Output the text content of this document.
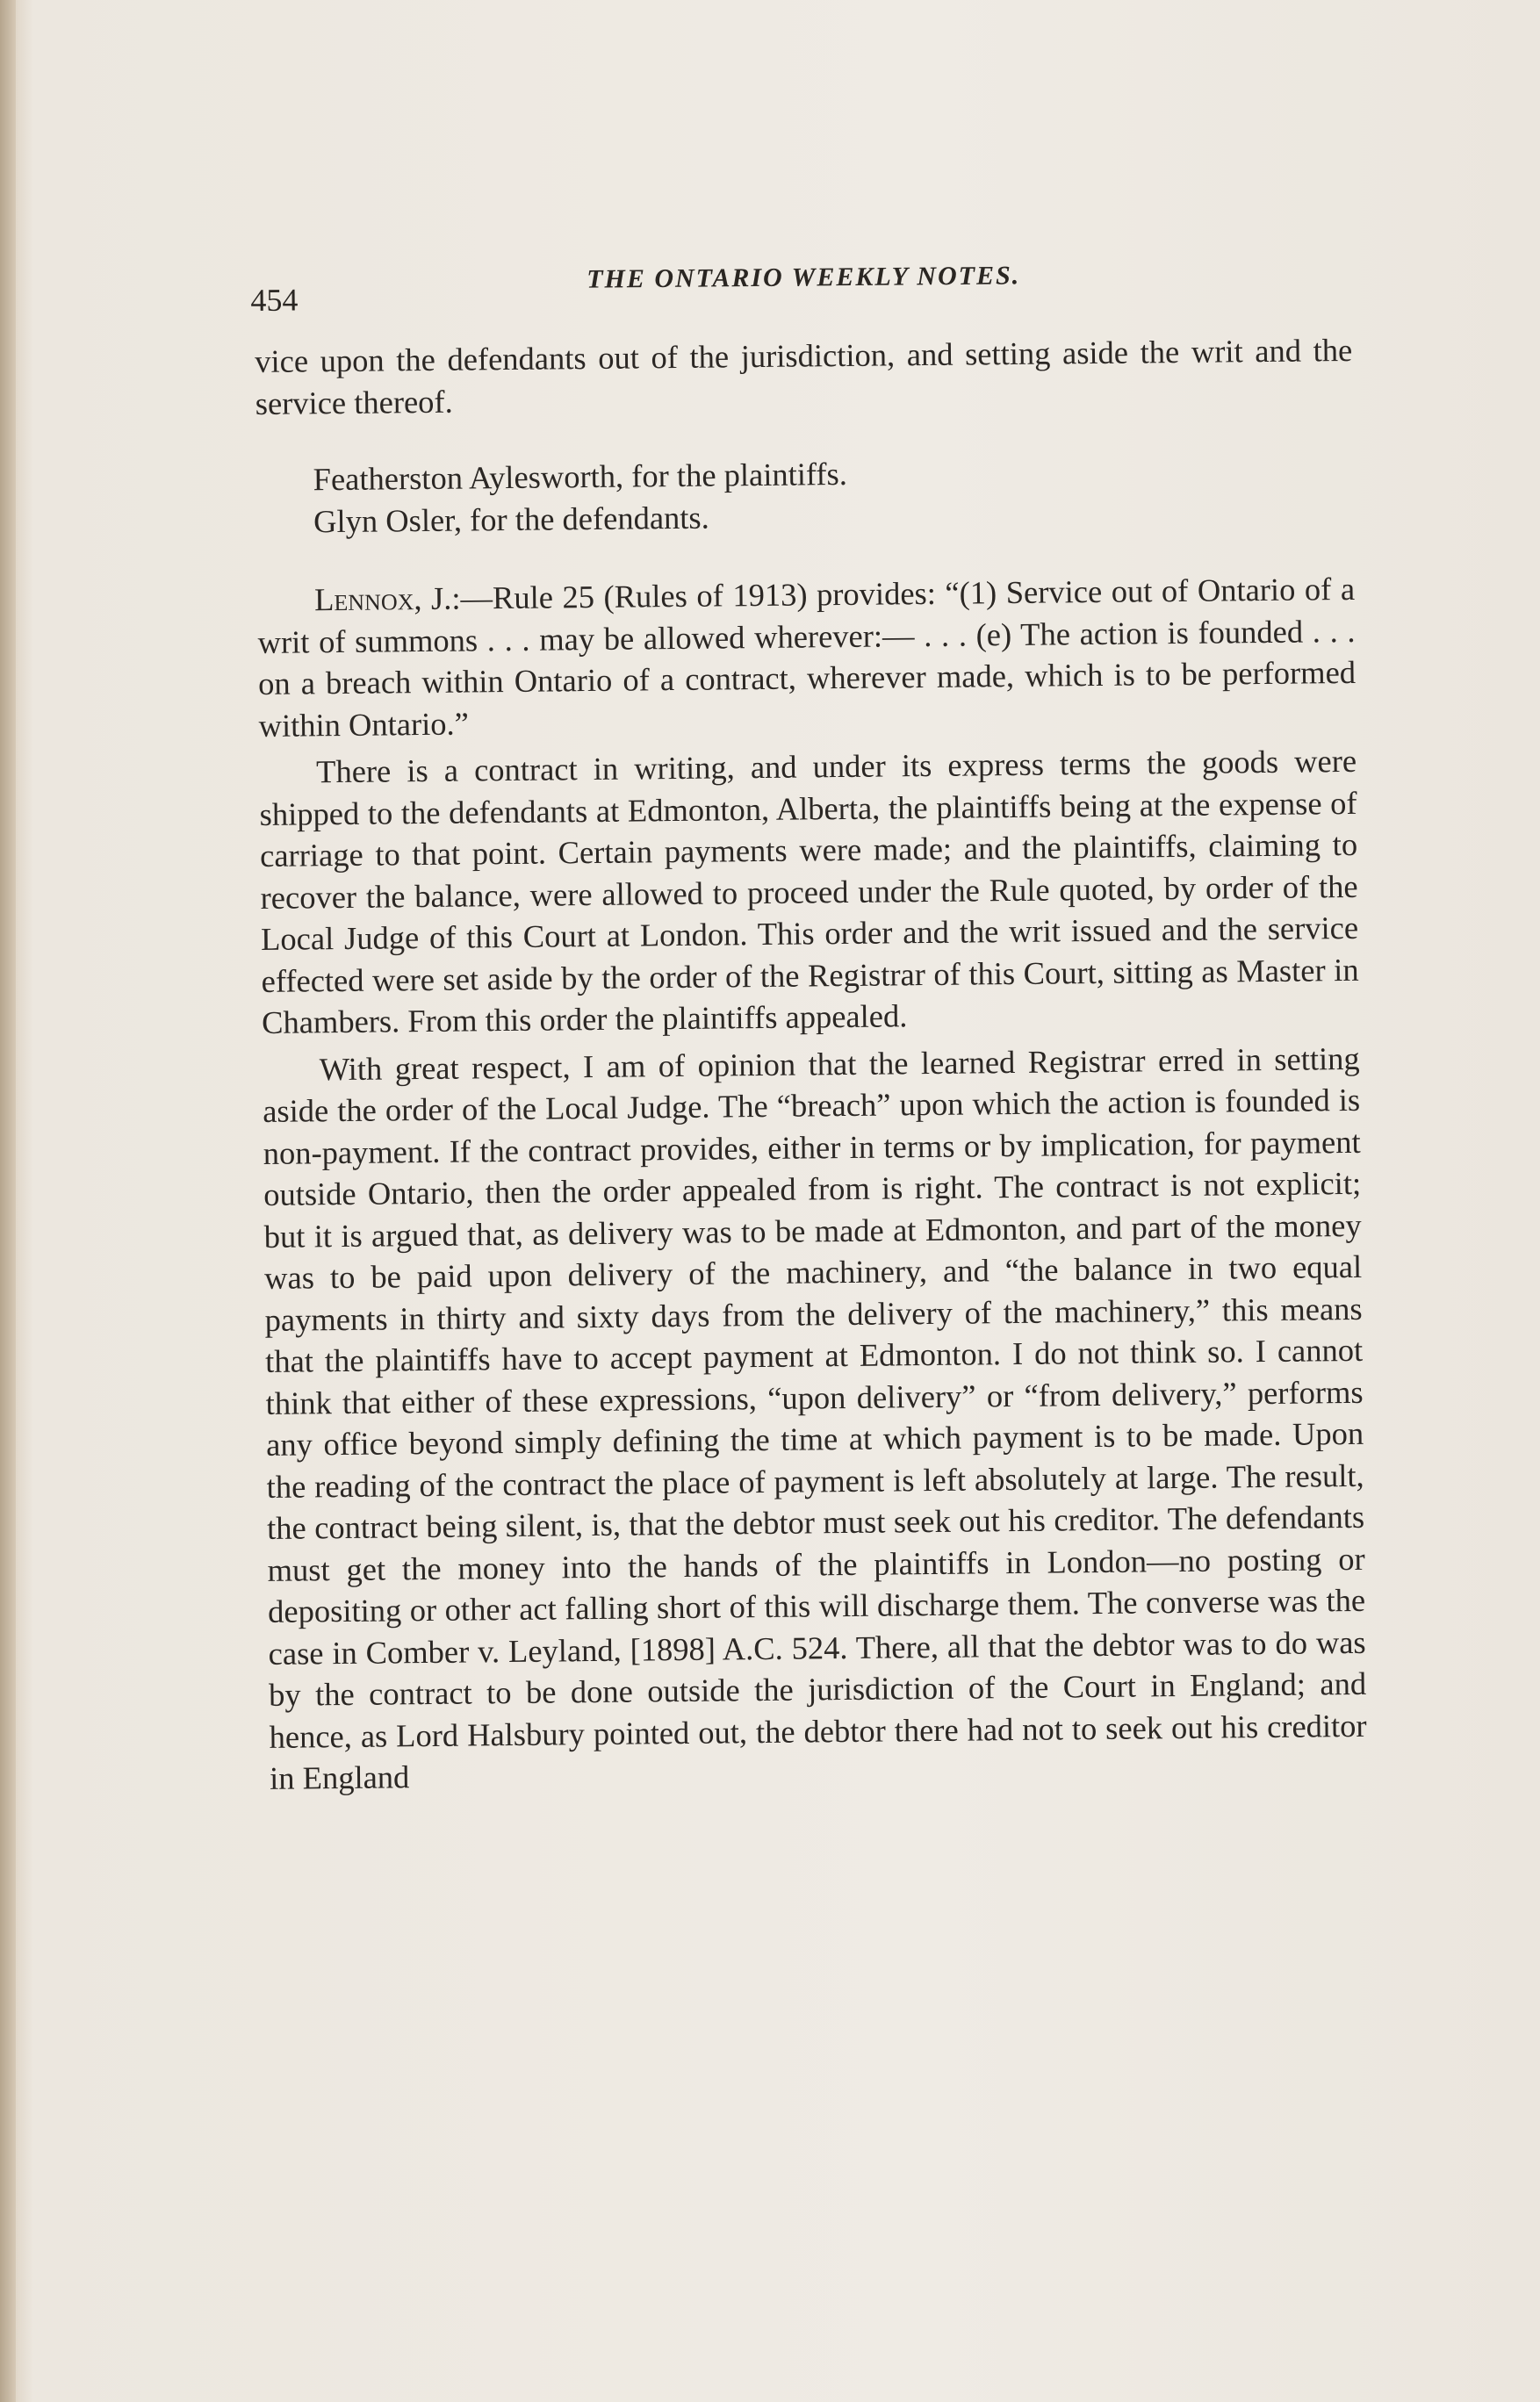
454
THE ONTARIO WEEKLY NOTES.

vice upon the defendants out of the jurisdiction, and setting aside the writ and the service thereof.

Featherston Aylesworth, for the plaintiffs.
Glyn Osler, for the defendants.

Lennox, J.:—Rule 25 (Rules of 1913) provides: “(1) Service out of Ontario of a writ of summons . . . may be allowed wherever:— . . . (e) The action is founded . . . on a breach within Ontario of a contract, wherever made, which is to be performed within Ontario.”

There is a contract in writing, and under its express terms the goods were shipped to the defendants at Edmonton, Alberta, the plaintiffs being at the expense of carriage to that point. Certain payments were made; and the plaintiffs, claiming to recover the balance, were allowed to proceed under the Rule quoted, by order of the Local Judge of this Court at London. This order and the writ issued and the service effected were set aside by the order of the Registrar of this Court, sitting as Master in Chambers. From this order the plaintiffs appealed.

With great respect, I am of opinion that the learned Registrar erred in setting aside the order of the Local Judge. The “breach” upon which the action is founded is non-payment. If the contract provides, either in terms or by implication, for payment outside Ontario, then the order appealed from is right. The contract is not explicit; but it is argued that, as delivery was to be made at Edmonton, and part of the money was to be paid upon delivery of the machinery, and “the balance in two equal payments in thirty and sixty days from the delivery of the machinery,” this means that the plaintiffs have to accept payment at Edmonton. I do not think so. I cannot think that either of these expressions, “upon delivery” or “from delivery,” performs any office beyond simply defining the time at which payment is to be made. Upon the reading of the contract the place of payment is left absolutely at large. The result, the contract being silent, is, that the debtor must seek out his creditor. The defendants must get the money into the hands of the plaintiffs in London—no posting or depositing or other act falling short of this will discharge them. The converse was the case in Comber v. Leyland, [1898] A.C. 524. There, all that the debtor was to do was by the contract to be done outside the jurisdiction of the Court in England; and hence, as Lord Halsbury pointed out, the debtor there had not to seek out his creditor in England
